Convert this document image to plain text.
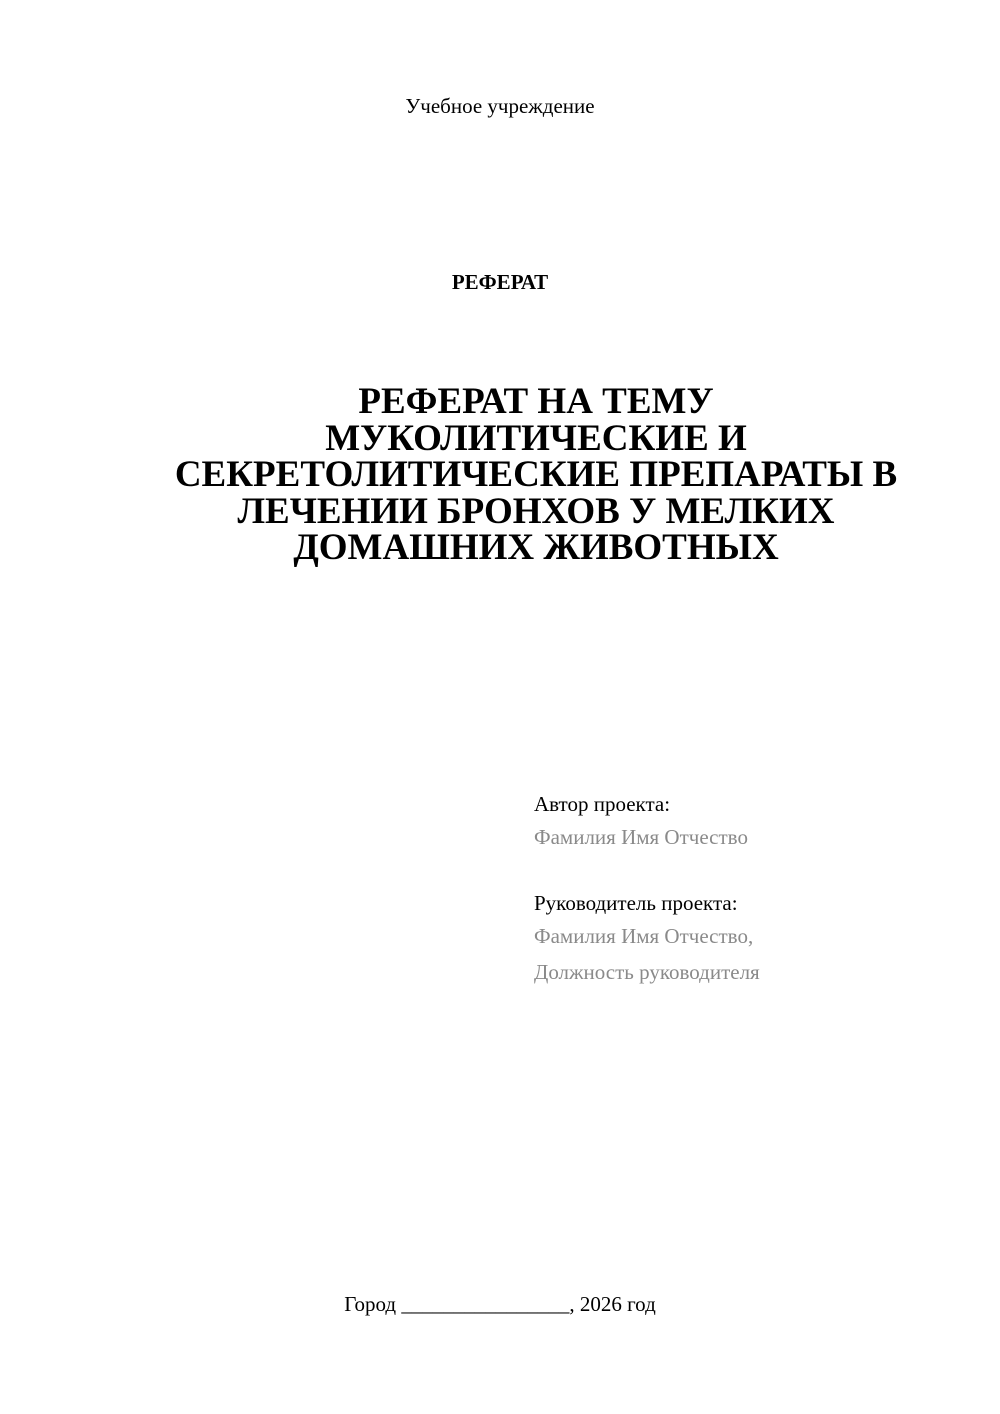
Учебное учреждение
РЕФЕРАТ
РЕФЕРАТ НА ТЕМУ
МУКОЛИТИЧЕСКИЕ И
СЕКРЕТОЛИТИЧЕСКИЕ ПРЕПАРАТЫ В
ЛЕЧЕНИИ БРОНХОВ У МЕЛКИХ
ДОМАШНИХ ЖИВОТНЫХ
Автор проекта:
Фамилия Имя Отчество
Руководитель проекта:
Фамилия Имя Отчество,
Должность руководителя
Город ________________, 2026 год
